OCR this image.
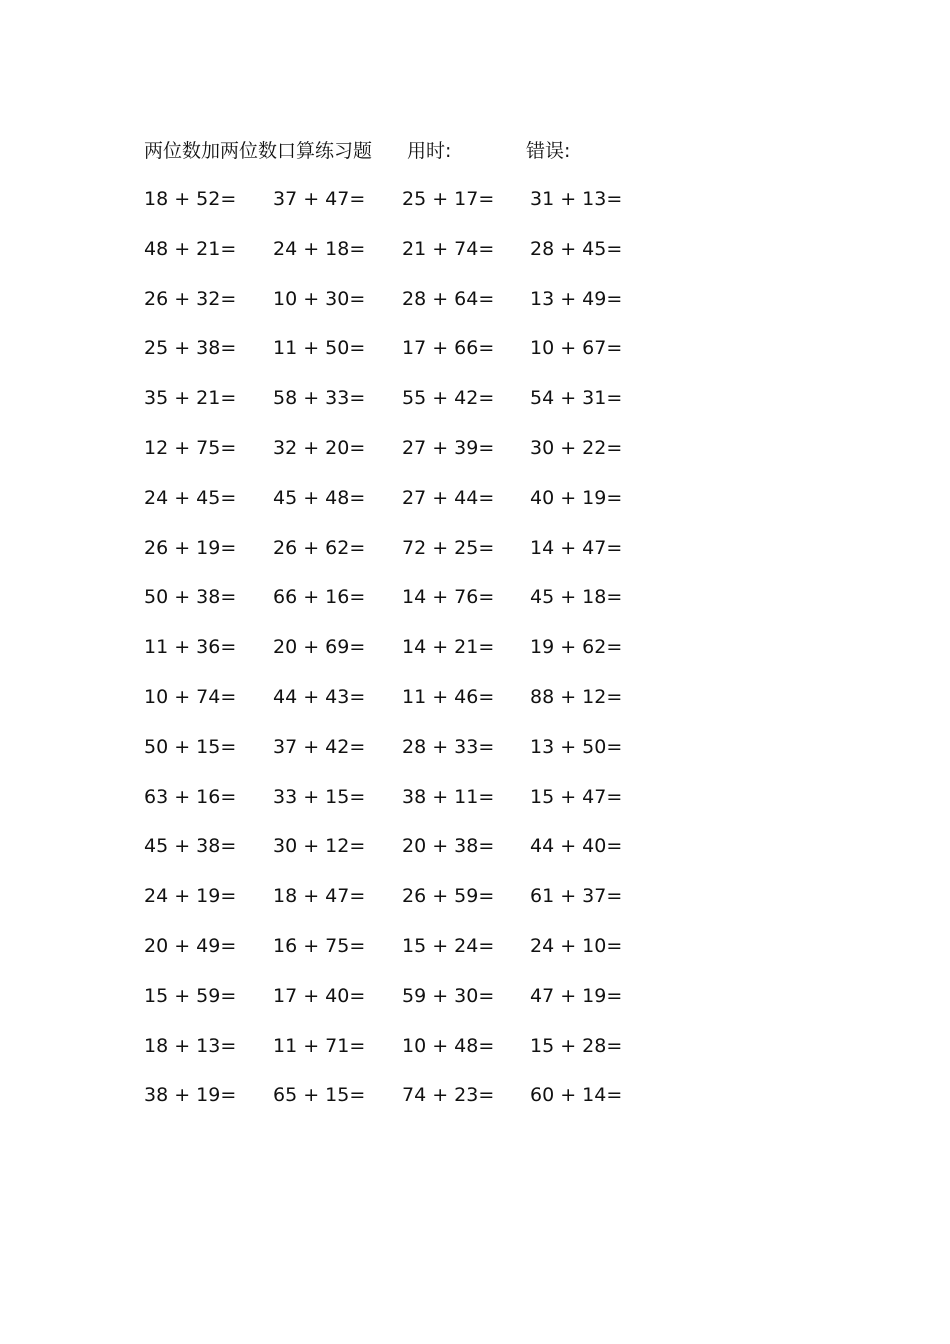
两位数加两位数口算练习题 用时:	错误:
18 + 52= 37 + 47= 25 + 17= 31 + 13=
48 + 21= 24 + 18= 21 + 74= 28 + 45=
26 + 32= 10 + 30= 28 + 64= 13 + 49=
25 + 38= 11 + 50= 17 + 66= 10 + 67=
35 + 21= 58 + 33= 55 + 42= 54 + 31=
12 + 75= 32 + 20= 27 + 39= 30 + 22=
24 + 45= 45 + 48= 27 + 44= 40 + 19=
26 + 19= 26 + 62= 72 + 25= 14 + 47=
50 + 38= 66 + 16= 14 + 76= 45 + 18=
11 + 36= 20 + 69= 14 + 21= 19 + 62=
10 + 74= 44 + 43= 11 + 46= 88 + 12=
50 + 15= 37 + 42= 28 + 33= 13 + 50=
63 + 16= 33 + 15= 38 + 11= 15 + 47=
45 + 38= 30 + 12= 20 + 38= 44 + 40=
24 + 19= 18 + 47= 26 + 59= 61 + 37=
20 + 49= 16 + 75= 15 + 24= 24 + 10=
15 + 59= 17 + 40= 59 + 30= 47 + 19=
18 + 13= 11 + 71= 10 + 48= 15 + 28=
38 + 19= 65 + 15= 74 + 23= 60 + 14=
